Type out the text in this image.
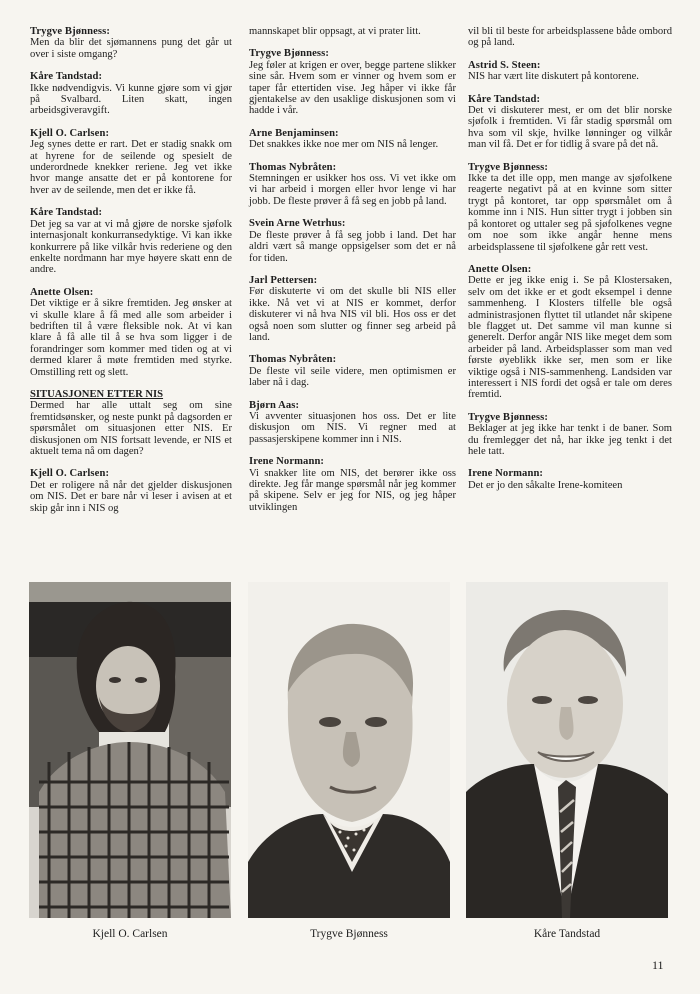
Trygve Bjønness:
Men da blir det sjømannens pung det går ut over i siste omgang?
Kåre Tandstad:
Ikke nødvendigvis. Vi kunne gjøre som vi gjør på Svalbard. Liten skatt, ingen arbeidsgiveravgift.
Kjell O. Carlsen:
Jeg synes dette er rart. Det er stadig snakk om at hyrene for de seilende og spesielt de underordnede knekker reriene. Jeg vet ikke hvor mange ansatte det er på kontorene for hver av de seilende, men det er ikke få.
Kåre Tandstad:
Det jeg sa var at vi må gjøre de norske sjøfolk internasjonalt konkurransedyktige. Vi kan ikke konkurrere på like vilkår hvis rederiene og den enkelte nordmann har mye høyere skatt enn de andre.
Anette Olsen:
Det viktige er å sikre fremtiden. Jeg ønsker at vi skulle klare å få med alle som arbeider i bedriften til å være fleksible nok. At vi kan klare å få alle til å se hva som ligger i de forandringer som kommer med tiden og at vi dermed klarer å møte fremtiden med styrke. Omstilling rett og slett.
SITUASJONEN ETTER NIS
Dermed har alle uttalt seg om sine fremtidsønsker, og neste punkt på dagsorden er spørsmålet om situasjonen etter NIS. Er diskusjonen om NIS fortsatt levende, er NIS et aktuelt tema nå om dagen?
Kjell O. Carlsen:
Det er roligere nå når det gjelder diskusjonen om NIS. Det er bare når vi leser i avisen at et skip går inn i NIS og
mannskapet blir oppsagt, at vi prater litt.
Trygve Bjønness:
Jeg føler at krigen er over, begge partene slikker sine sår. Hvem som er vinner og hvem som er taper får ettertiden vise. Jeg håper vi ikke får gjentakelse av den usaklige diskusjonen som vi hadde i vår.
Arne Benjaminsen:
Det snakkes ikke noe mer om NIS nå lenger.
Thomas Nybråten:
Stemningen er usikker hos oss. Vi vet ikke om vi har arbeid i morgen eller hvor lenge vi har jobb. De fleste prøver å få seg en jobb på land.
Svein Arne Wetrhus:
De fleste prøver å få seg jobb i land. Det har aldri vært så mange oppsigelser som det er nå for tiden.
Jarl Pettersen:
Før diskuterte vi om det skulle bli NIS eller ikke. Nå vet vi at NIS er kommet, derfor diskuterer vi nå hva NIS vil bli. Hos oss er det også noen som slutter og finner seg arbeid på land.
Thomas Nybråten:
De fleste vil seile videre, men optimismen er laber nå i dag.
Bjørn Aas:
Vi avventer situasjonen hos oss. Det er lite diskusjon om NIS. Vi regner med at passasjerskipene kommer inn i NIS.
Irene Normann:
Vi snakker lite om NIS, det berører ikke oss direkte. Jeg får mange spørsmål når jeg kommer på skipene. Selv er jeg for NIS, og jeg håper utviklingen
vil bli til beste for arbeidsplassene både ombord og på land.
Astrid S. Steen:
NIS har vært lite diskutert på kontorene.
Kåre Tandstad:
Det vi diskuterer mest, er om det blir norske sjøfolk i fremtiden. Vi får stadig spørsmål om hva som vil skje, hvilke lønninger og vilkår man vil få. Det er for tidlig å svare på det nå.
Trygve Bjønness:
Ikke ta det ille opp, men mange av sjøfolkene reagerte negativt på at en kvinne som sitter trygt på kontoret, tar opp spørsmålet om å komme inn i NIS. Hun sitter trygt i jobben sin på kontoret og uttaler seg på sjøfolkenes vegne om noe som ikke angår henne mens arbeidsplassene til sjøfolkene går rett vest.
Anette Olsen:
Dette er jeg ikke enig i. Se på Klostersaken, selv om det ikke er et godt eksempel i denne sammenheng. I Klosters tilfelle ble også administrasjonen flyttet til utlandet når skipene ble flagget ut. Det samme vil man kunne si generelt. Derfor angår NIS like meget dem som arbeider på land. Arbeidsplasser som man ved første øyeblikk ikke ser, men som er like viktige også i NIS-sammenheng. Landsiden var interessert i NIS fordi det også er tale om deres fremtid.
Trygve Bjønness:
Beklager at jeg ikke har tenkt i de baner. Som du fremlegger det nå, har ikke jeg tenkt i det hele tatt.
Irene Normann:
Det er jo den såkalte Irene-komiteen
Kjell O. Carlsen	Trygve Bjønness	Kåre Tandstad
11
